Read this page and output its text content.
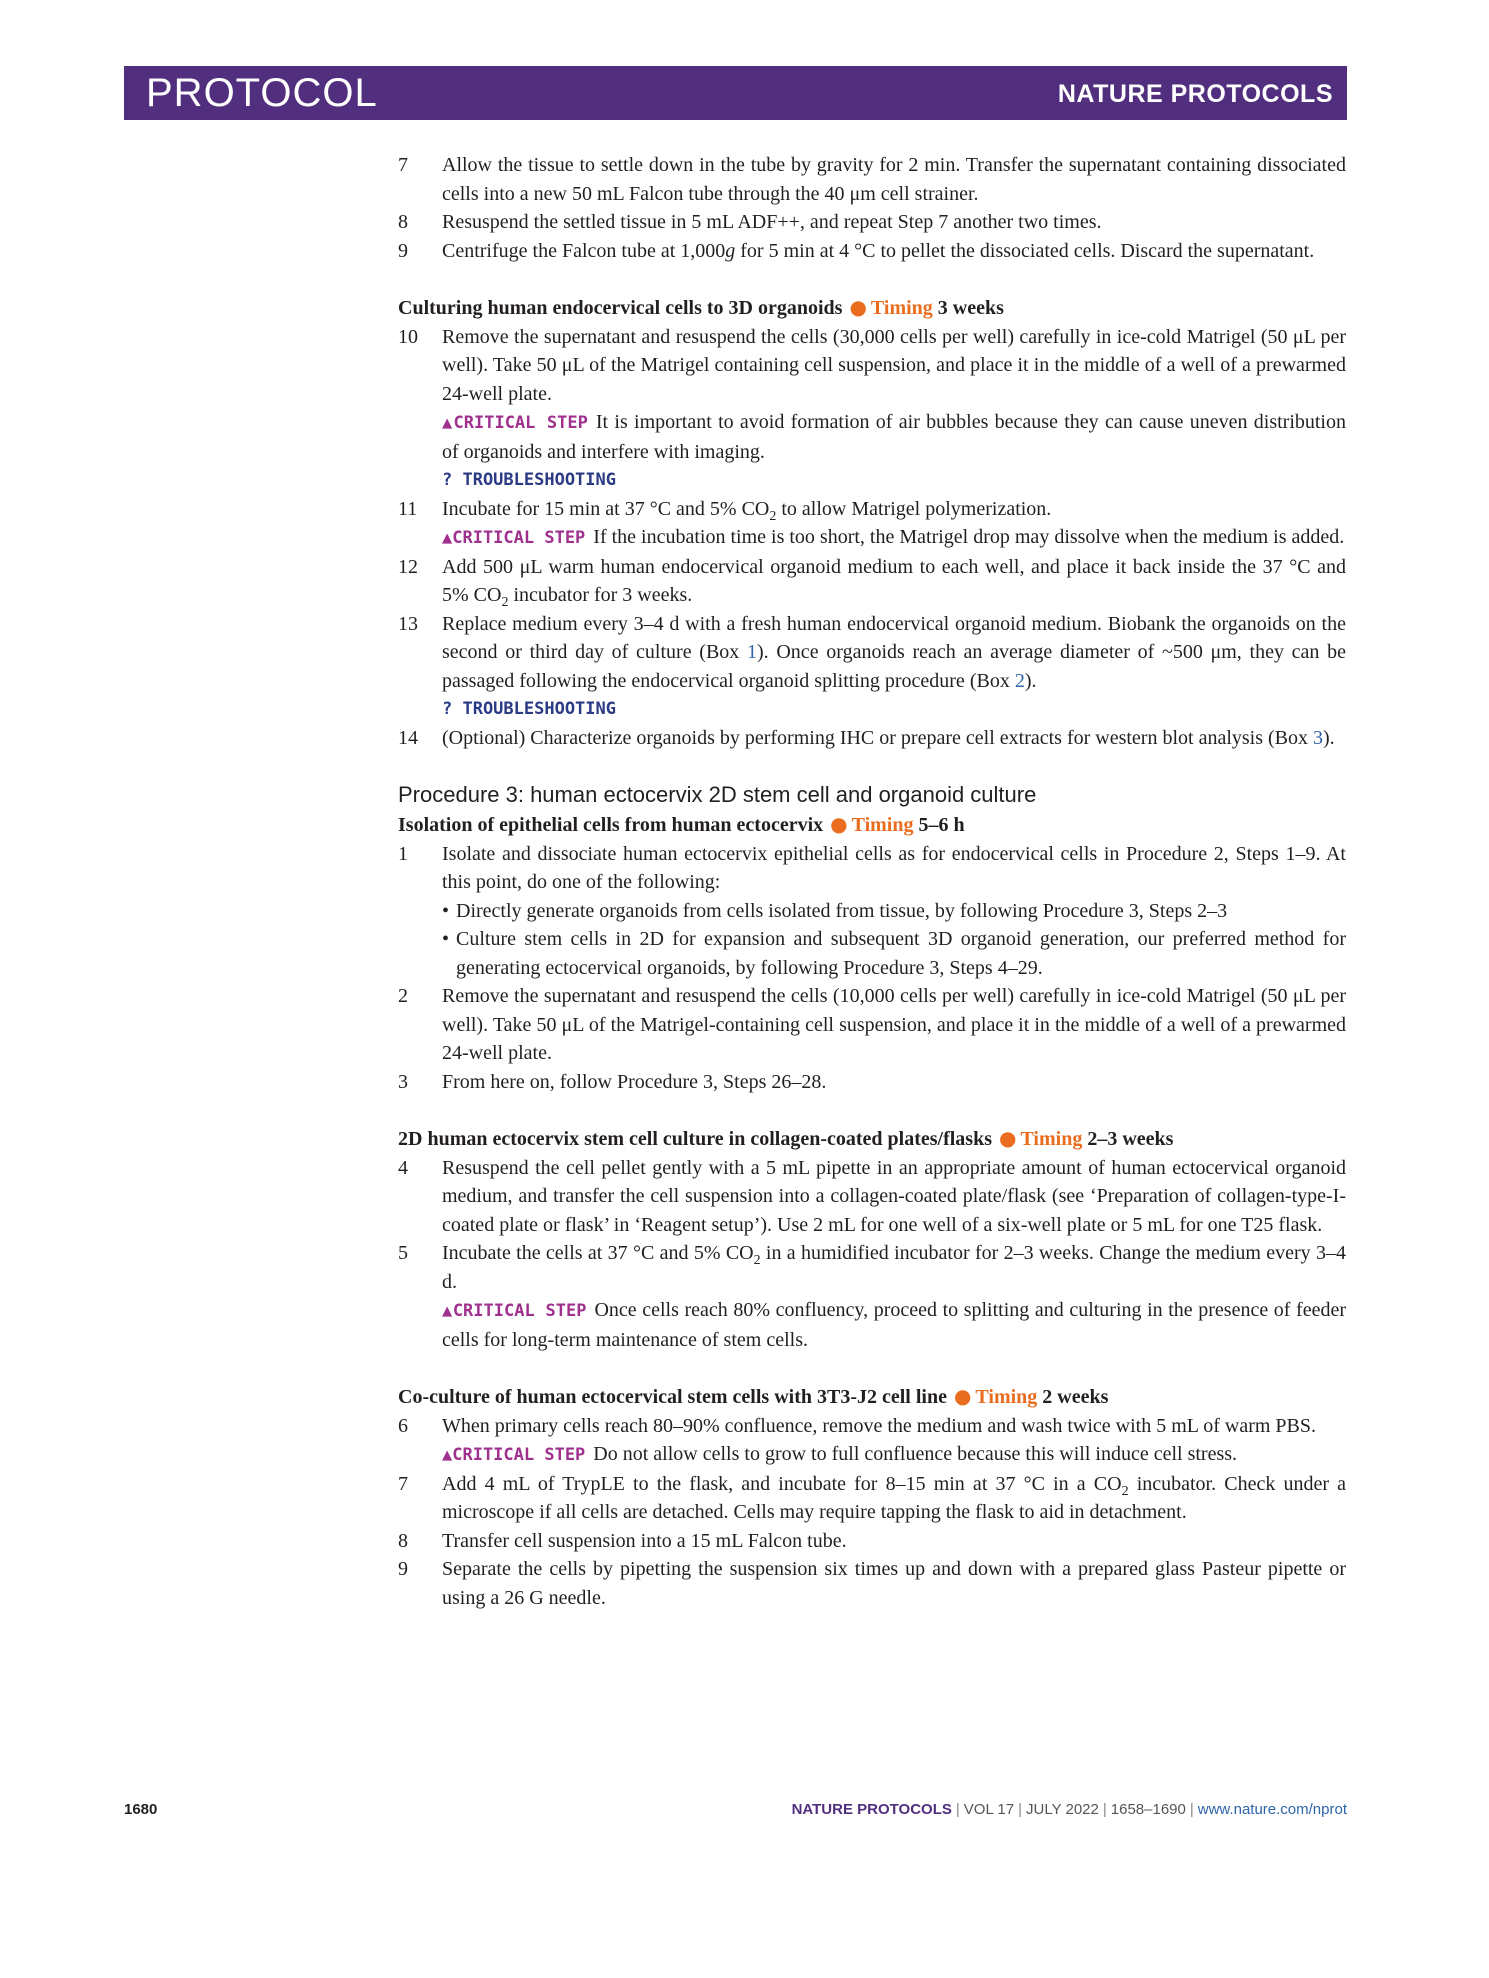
PROTOCOL	NATURE PROTOCOLS
7 Allow the tissue to settle down in the tube by gravity for 2 min. Transfer the supernatant containing dissociated cells into a new 50 mL Falcon tube through the 40 μm cell strainer.
8 Resuspend the settled tissue in 5 mL ADF++, and repeat Step 7 another two times.
9 Centrifuge the Falcon tube at 1,000g for 5 min at 4 °C to pellet the dissociated cells. Discard the supernatant.
Culturing human endocervical cells to 3D organoids ● Timing 3 weeks
10 Remove the supernatant and resuspend the cells (30,000 cells per well) carefully in ice-cold Matrigel (50 μL per well). Take 50 μL of the Matrigel containing cell suspension, and place it in the middle of a well of a prewarmed 24-well plate.
▲CRITICAL STEP It is important to avoid formation of air bubbles because they can cause uneven distribution of organoids and interfere with imaging.
? TROUBLESHOOTING
11 Incubate for 15 min at 37 °C and 5% $CO_2$ to allow Matrigel polymerization.
▲CRITICAL STEP If the incubation time is too short, the Matrigel drop may dissolve when the medium is added.
12 Add 500 μL warm human endocervical organoid medium to each well, and place it back inside the 37 °C and 5% $CO_2$ incubator for 3 weeks.
13 Replace medium every 3–4 d with a fresh human endocervical organoid medium. Biobank the organoids on the second or third day of culture (Box 1). Once organoids reach an average diameter of ~500 μm, they can be passaged following the endocervical organoid splitting procedure (Box 2).
? TROUBLESHOOTING
14 (Optional) Characterize organoids by performing IHC or prepare cell extracts for western blot analysis (Box 3).
Procedure 3: human ectocervix 2D stem cell and organoid culture
Isolation of epithelial cells from human ectocervix ● Timing 5–6 h
1 Isolate and dissociate human ectocervix epithelial cells as for endocervical cells in Procedure 2, Steps 1–9. At this point, do one of the following:
• Directly generate organoids from cells isolated from tissue, by following Procedure 3, Steps 2–3
• Culture stem cells in 2D for expansion and subsequent 3D organoid generation, our preferred method for generating ectocervical organoids, by following Procedure 3, Steps 4–29.
2 Remove the supernatant and resuspend the cells (10,000 cells per well) carefully in ice-cold Matrigel (50 μL per well). Take 50 μL of the Matrigel-containing cell suspension, and place it in the middle of a well of a prewarmed 24-well plate.
3 From here on, follow Procedure 3, Steps 26–28.
2D human ectocervix stem cell culture in collagen-coated plates/flasks ● Timing 2–3 weeks
4 Resuspend the cell pellet gently with a 5 mL pipette in an appropriate amount of human ectocervical organoid medium, and transfer the cell suspension into a collagen-coated plate/flask (see ‘Preparation of collagen-type-I-coated plate or flask’ in ‘Reagent setup’). Use 2 mL for one well of a six-well plate or 5 mL for one T25 flask.
5 Incubate the cells at 37 °C and 5% $CO_2$ in a humidified incubator for 2–3 weeks. Change the medium every 3–4 d.
▲CRITICAL STEP Once cells reach 80% confluency, proceed to splitting and culturing in the presence of feeder cells for long-term maintenance of stem cells.
Co-culture of human ectocervical stem cells with 3T3-J2 cell line ● Timing 2 weeks
6 When primary cells reach 80–90% confluence, remove the medium and wash twice with 5 mL of warm PBS.
▲CRITICAL STEP Do not allow cells to grow to full confluence because this will induce cell stress.
7 Add 4 mL of TrypLE to the flask, and incubate for 8–15 min at 37 °C in a $CO_2$ incubator. Check under a microscope if all cells are detached. Cells may require tapping the flask to aid in detachment.
8 Transfer cell suspension into a 15 mL Falcon tube.
9 Separate the cells by pipetting the suspension six times up and down with a prepared glass Pasteur pipette or using a 26 G needle.
1680	NATURE PROTOCOLS | VOL 17 | JULY 2022 | 1658–1690 | www.nature.com/nprot
